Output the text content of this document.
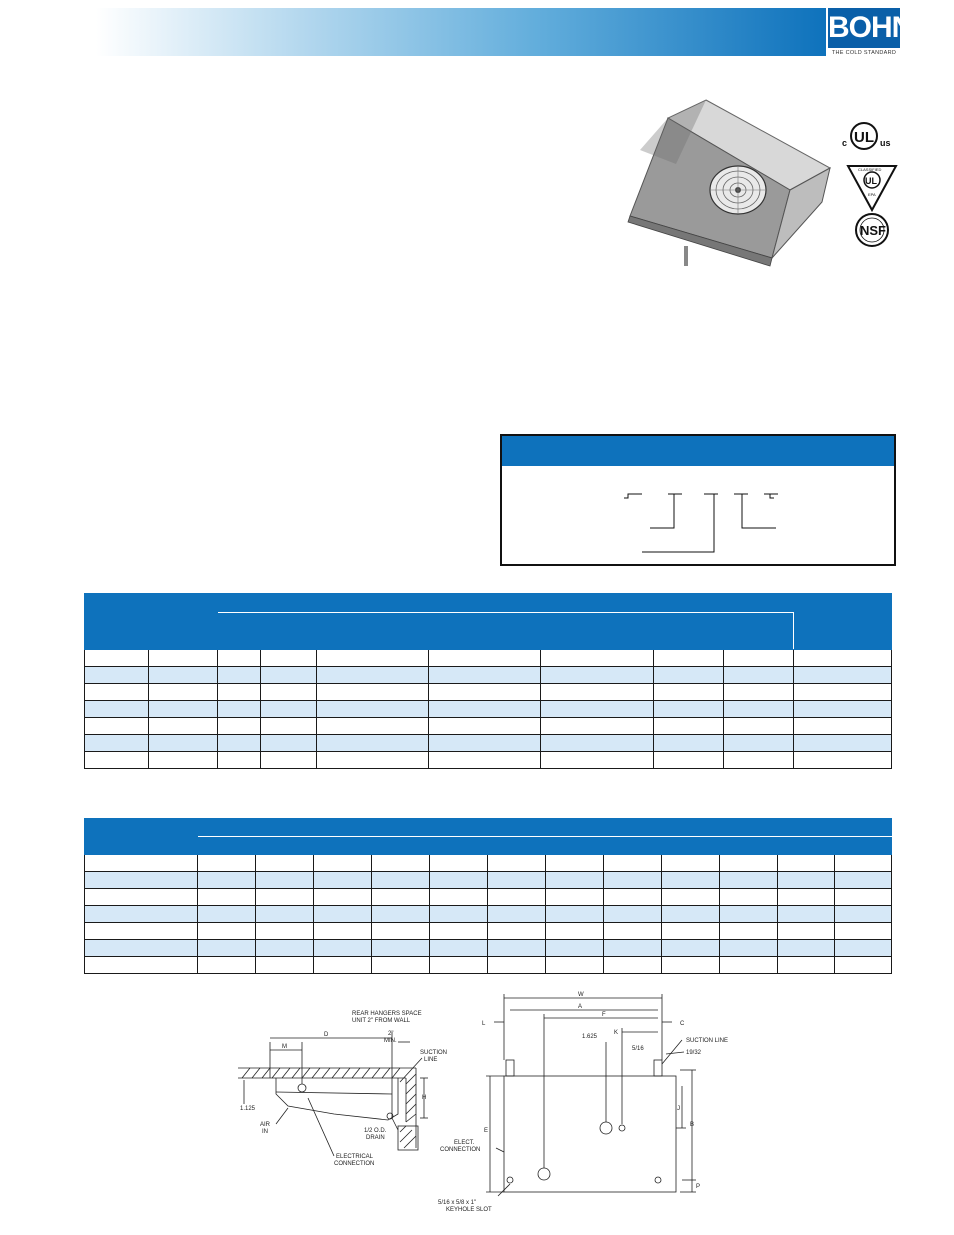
BOHN
THE COLD STANDARD
c UL us
UL
CLASSIFIED
EPA
NSF

REAR HANGERS SPACE
UNIT 2" FROM WALL
D
M
2"
MIN.
SUCTION
LINE
1.125
H
AIR
IN	1/2 O.D.
DRAIN
ELECTRICAL
CONNECTION
W
A
F
L	C
1.625
K
5/16
SUCTION LINE
19/32
J
E
B
ELECT.
CONNECTION
P
5/16 x 5/8 x 1"
KEYHOLE SLOT
